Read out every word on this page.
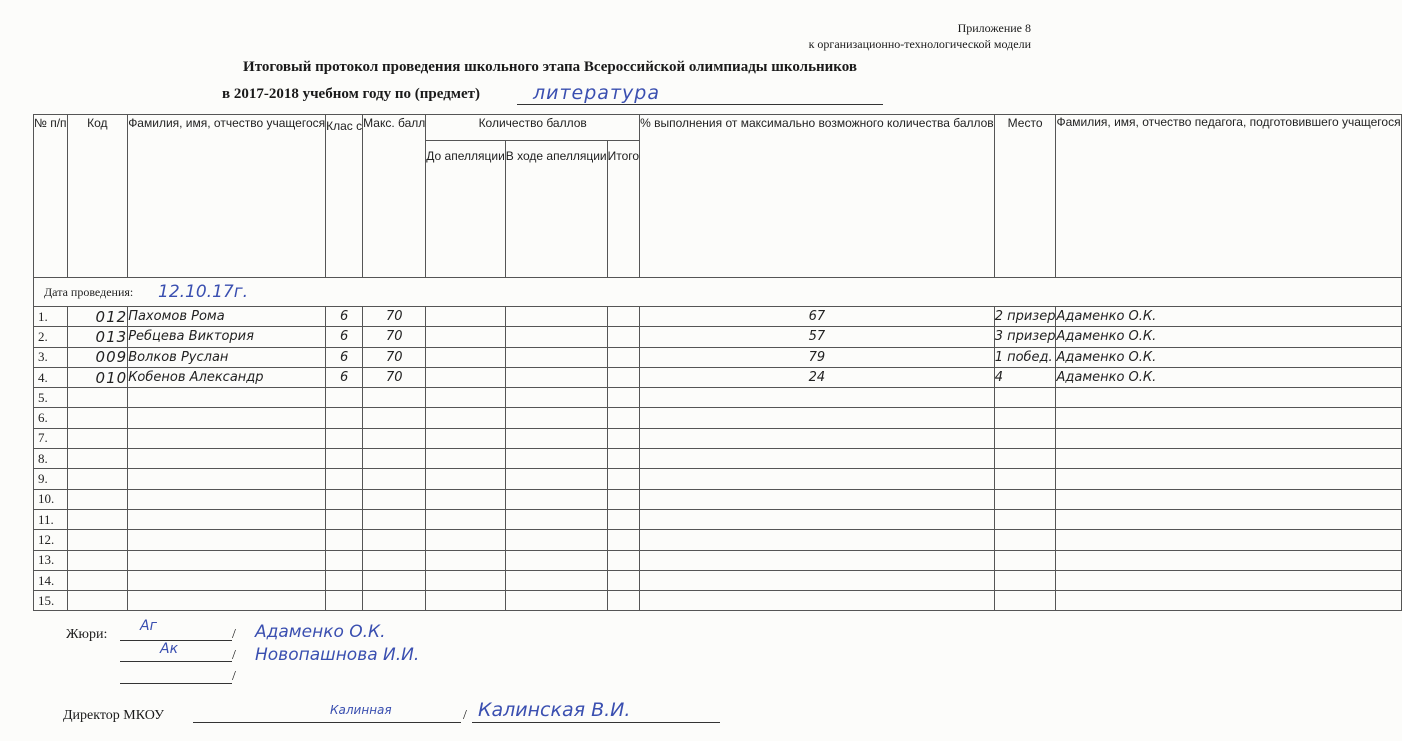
Приложение 8
к организационно-технологической модели
Итоговый протокол проведения школьного этапа Всероссийской олимпиады школьников
в 2017-2018 учебном году по (предмет)	литература
№ п/п	Код	Фамилия, имя, отчество учащегося	Клас с	Макс. балл	Количество баллов			% выполнения от максимально возможного количества баллов	Место	Фамилия, имя, отчество педагога, подготовившего учащегося
					До апелляции	В ходе апелляции	Итого			
Дата проведения:										
1.	012	Пахомов Рома	6	70				67	2 призер	Адаменко О.К.
2.	013	Ребцева Виктория	6	70				57	3 призер	Адаменко О.К.
3.	009	Волков Руслан	6	70				79	1 побед.	Адаменко О.К.
4.	010	Кобенов Александр	6	70				24	4	Адаменко О.К.
5.										
6.										
7.										
8.										
9.										
10.										
11.										
12.										
13.										
14.										
15.										
12.10.17г.
Жюри:
Аг
/ Адаменко О.К.
Ак	/ Новопашнова И.И.
/
Директор МКОУ	Калинная	/ Калинская В.И.
